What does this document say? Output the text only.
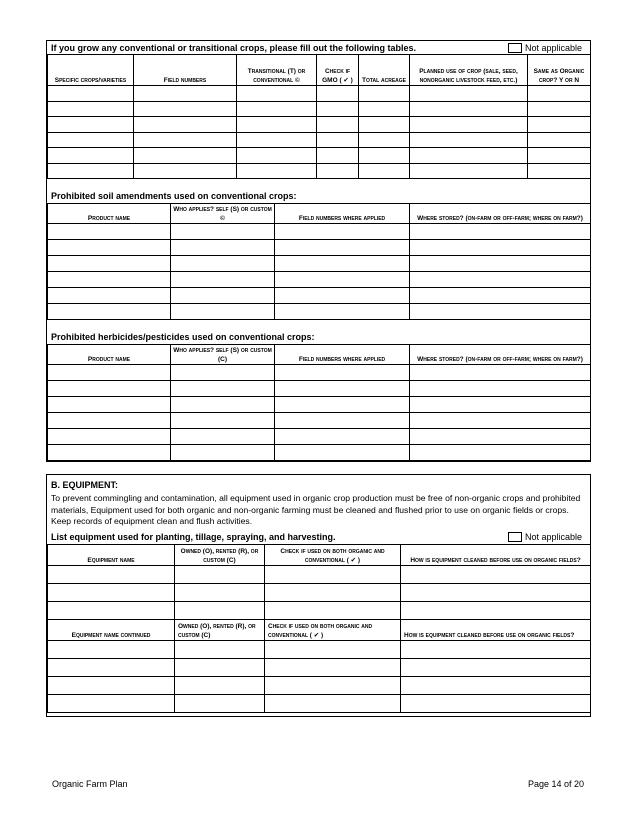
If you grow any conventional or transitional crops, please fill out the following tables.	Not applicable
Specific crops/varieties	Field numbers	Transitional (T) or conventional ©	Check if GMO ( ✔ )	Total acreage	Planned use of crop (sale, seed, nonorganic livestock feed, etc.)	Same as Organic crop? Y or N

Prohibited soil amendments used on conventional crops:
Product name	Who applies? self (S) or custom ©	Field numbers where applied	Where stored? (on-farm or off-farm; where on farm?)

Prohibited herbicides/pesticides used on conventional crops:
Product name	Who applies? self (S) or custom (C)	Field numbers where applied	Where stored? (on-farm or off-farm; where on farm?)

B. EQUIPMENT:
To prevent commingling and contamination, all equipment used in organic crop production must be free of non-organic crops and prohibited materials, Equipment used for both organic and non-organic farming must be cleaned and flushed prior to use on organic fields or crops. Keep records of equipment clean and flush activities.
List equipment used for planting, tillage, spraying, and harvesting.	Not applicable
Equipment name	Owned (O), rented (R), or custom (C)	Check if used on both organic and conventional ( ✔ )	How is equipment cleaned before use on organic fields?

Equipment name continued	Owned (O), rented (R), or custom (C)	Check if used on both organic and conventional ( ✔ )	How is equipment cleaned before use on organic fields?

Organic Farm Plan	Page 14 of 20
